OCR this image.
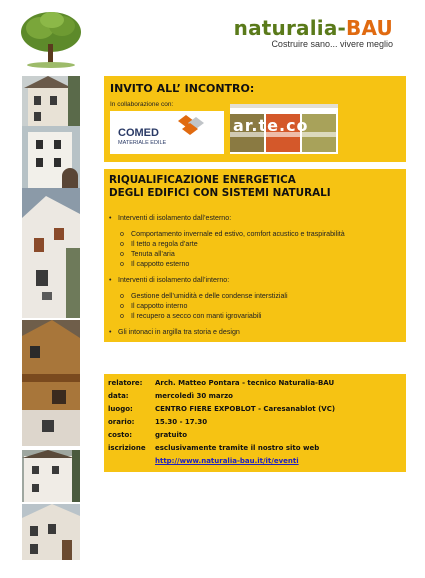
naturalia-BAU
Costruire sano... vivere meglio
INVITO ALL’ INCONTRO:
In collaborazione con:
COMED
MATERIALE EDILE
ar.te.co
RIQUALIFICAZIONE ENERGETICA
DEGLI EDIFICI CON SISTEMI NATURALI
• Interventi di isolamento dall’esterno:
o Comportamento invernale ed estivo, comfort acustico e traspirabilità
o Il tetto a regola d’arte
o Tenuta all’aria
o Il cappotto esterno
• Interventi di isolamento dall’interno:
o Gestione dell’umidità e delle condense interstiziali
o Il cappotto interno
o Il recupero a secco con manti igrovariabili
• Gli intonaci in argilla tra storia e design
relatore: Arch. Matteo Pontara - tecnico Naturalia-BAU
data:	mercoledì 30 marzo
luogo:	CENTRO FIERE EXPOBLOT - Caresanablot (VC)
orario:	15.30 - 17.30
costo:	gratuito
iscrizione esclusivamente tramite il nostro sito web
http://www.naturalia-bau.it/it/eventi
